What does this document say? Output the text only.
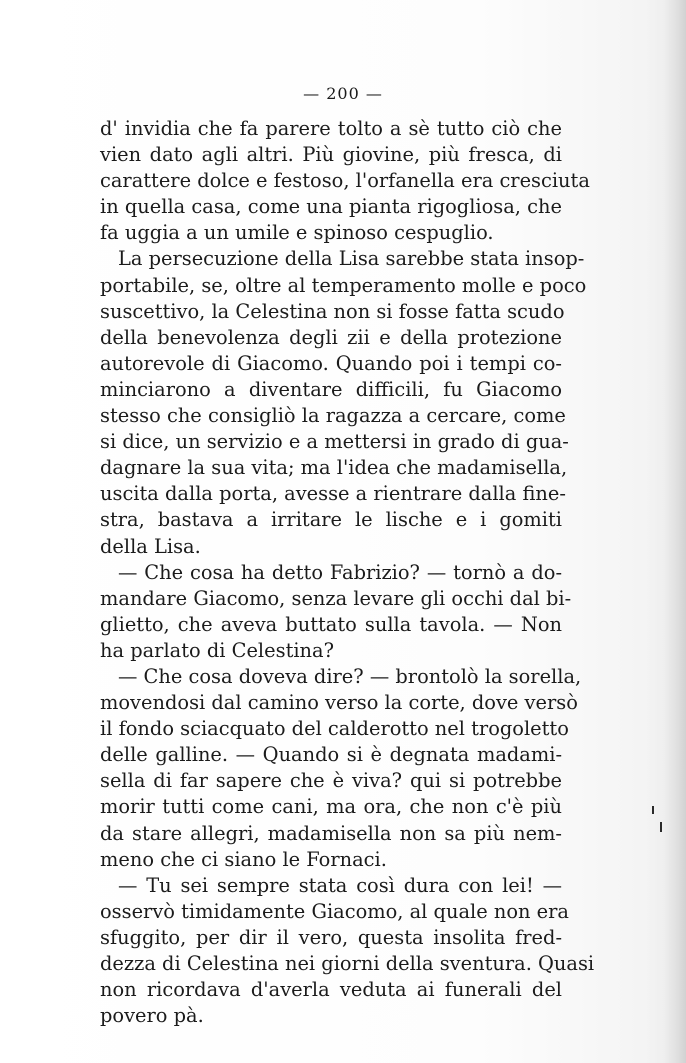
— 200 —
d' invidia che fa parere tolto a sè tutto ciò che
vien dato agli altri. Più giovine, più fresca, di
carattere dolce e festoso, l'orfanella era cresciuta
in quella casa, come una pianta rigogliosa, che
fa uggia a un umile e spinoso cespuglio.
La persecuzione della Lisa sarebbe stata insop-
portabile, se, oltre al temperamento molle e poco
suscettivo, la Celestina non si fosse fatta scudo
della benevolenza degli zii e della protezione
autorevole di Giacomo. Quando poi i tempi co-
minciarono a diventare difficili, fu Giacomo
stesso che consigliò la ragazza a cercare, come
si dice, un servizio e a mettersi in grado di gua-
dagnare la sua vita; ma l'idea che madamisella,
uscita dalla porta, avesse a rientrare dalla fine-
stra, bastava a irritare le lische e i gomiti
della Lisa.
— Che cosa ha detto Fabrizio? — tornò a do-
mandare Giacomo, senza levare gli occhi dal bi-
glietto, che aveva buttato sulla tavola. — Non
ha parlato di Celestina?
— Che cosa doveva dire? — brontolò la sorella,
movendosi dal camino verso la corte, dove versò
il fondo sciacquato del calderotto nel trogoletto
delle galline. — Quando si è degnata madami-
sella di far sapere che è viva? qui si potrebbe
morir tutti come cani, ma ora, che non c'è più
da stare allegri, madamisella non sa più nem-
meno che ci siano le Fornaci.
— Tu sei sempre stata così dura con lei! —
osservò timidamente Giacomo, al quale non era
sfuggito, per dir il vero, questa insolita fred-
dezza di Celestina nei giorni della sventura. Quasi
non ricordava d'averla veduta ai funerali del
povero pà.
